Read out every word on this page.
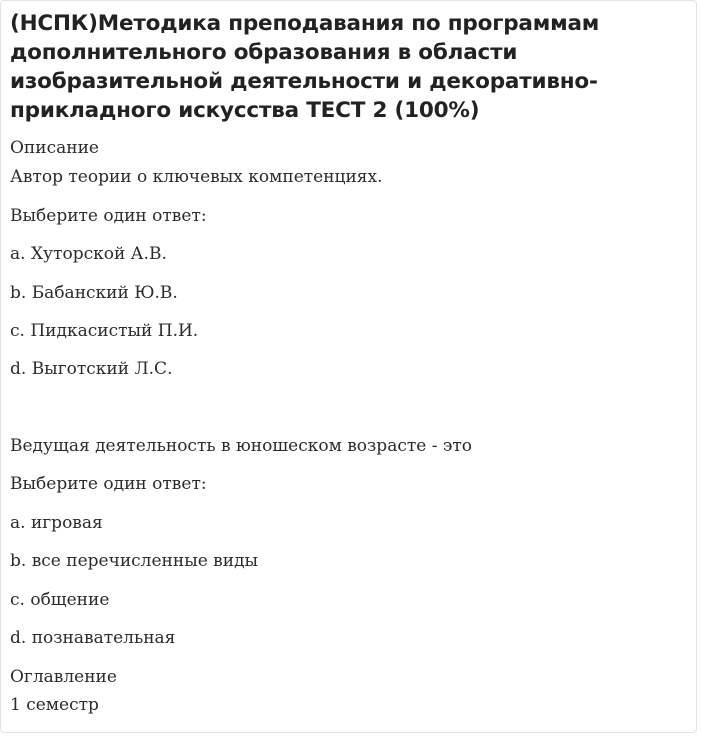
(НСПК)Методика преподавания по программам дополнительного образования в области изобразительной деятельности и декоративно-прикладного искусства ТЕСТ 2 (100%)
Описание
Автор теории о ключевых компетенциях.
Выберите один ответ:
a. Хуторской А.В.
b. Бабанский Ю.В.
c. Пидкасистый П.И.
d. Выготский Л.С.
Ведущая деятельность в юношеском возрасте - это
Выберите один ответ:
a. игровая
b. все перечисленные виды
c. общение
d. познавательная
Оглавление
1 семестр
